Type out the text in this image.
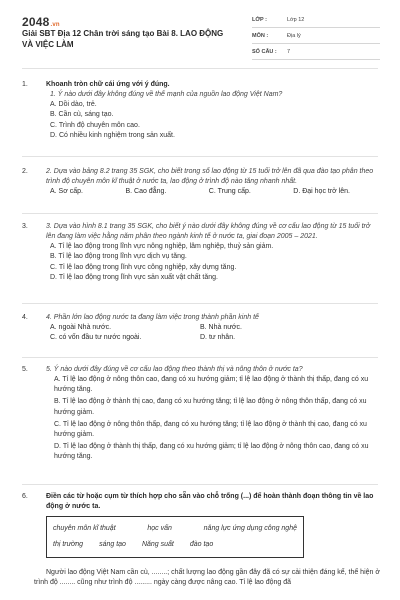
2048.vn
Giải SBT Địa 12 Chân trời sáng tạo Bài 8. LAO ĐỘNG VÀ VIỆC LÀM
LỚP :	Lớp 12
MÔN :	Địa lý
SỐ CÂU :	7
1.	Khoanh tròn chữ cái ứng với ý đúng.
1. Ý nào dưới đây không đúng về thế mạnh của nguồn lao động Việt Nam?
A. Dồi dào, trẻ.
B. Cần cù, sáng tạo.
C. Trình độ chuyên môn cao.
D. Có nhiều kinh nghiệm trong sản xuất.
2.	2. Dựa vào bảng 8.2 trang 35 SGK, cho biết trong số lao động từ 15 tuổi trở lên đã qua đào tạo phân theo trình độ chuyên môn kĩ thuật ở nước ta, lao động ở trình độ nào tăng nhanh nhất.
A. Sơ cấp.	B. Cao đẳng.	C. Trung cấp.	D. Đại học trở lên.
3.	3. Dựa vào hình 8.1 trang 35 SGK, cho biết ý nào dưới đây không đúng về cơ cấu lao động từ 15 tuổi trở lên đang làm việc hằng năm phân theo ngành kinh tế ở nước ta, giai đoạn 2005 – 2021.
A. Tỉ lệ lao động trong lĩnh vực nông nghiệp, lâm nghiệp, thuỷ sản giảm.
B. Tỉ lệ lao động trong lĩnh vực dịch vụ tăng.
C. Tỉ lệ lao động trong lĩnh vực công nghiệp, xây dựng tăng.
D. Tỉ lệ lao động trong lĩnh vực sản xuất vật chất tăng.
4.	4. Phần lớn lao động nước ta đang làm việc trong thành phần kinh tế
A. ngoài Nhà nước.	B. Nhà nước.
C. có vốn đầu tư nước ngoài.	D. tư nhân.
5.	5. Ý nào dưới đây đúng về cơ cấu lao động theo thành thị và nông thôn ở nước ta?
A. Tỉ lệ lao động ở nông thôn cao, đang có xu hướng giảm; tỉ lệ lao động ở thành thị thấp, đang có xu hướng tăng.
B. Tỉ lệ lao động ở thành thị cao, đang có xu hướng tăng; tỉ lệ lao động ở nông thôn thấp, đang có xu hướng giảm.
C. Tỉ lệ lao động ở nông thôn thấp, đang có xu hướng tăng; tỉ lệ lao động ở thành thị cao, đang có xu hướng giảm.
D. Tỉ lệ lao động ở thành thị thấp, đang có xu hướng giảm; tỉ lệ lao động ở nông thôn cao, đang có xu hướng tăng.
6.	Điền các từ hoặc cụm từ thích hợp cho sẵn vào chỗ trống (...) để hoàn thành đoạn thông tin về lao động ở nước ta.
chuyên môn kĩ thuật	học vấn	năng lực ứng dụng công nghệ
thị trường sáng tạo Năng suất đào tạo
Người lao động Việt Nam cần cù, ........; chất lượng lao động gần đây đã có sự cải thiện đáng kể, thể hiện ở trình độ ........ cũng như trình độ ......... ngày càng được nâng cao. Tỉ lệ lao động đã
